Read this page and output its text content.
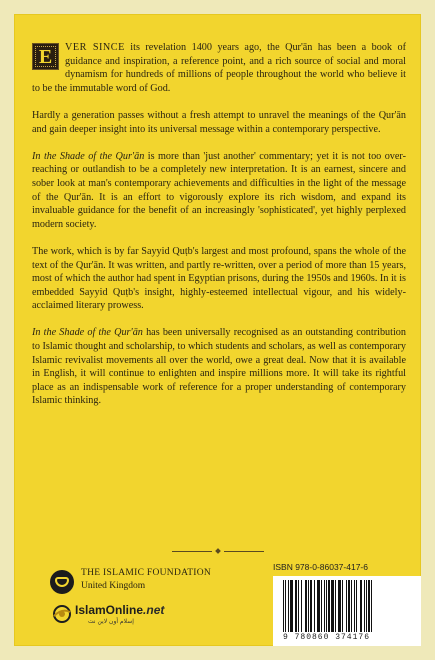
E VER SINCE its revelation 1400 years ago, the Qur'ān has been a book of guidance and inspiration, a reference point, and a rich source of social and moral dynamism for hundreds of millions of people throughout the world who believe it to be the immutable word of God.

Hardly a generation passes without a fresh attempt to unravel the meanings of the Qur'ān and gain deeper insight into its universal message within a contemporary perspective.

In the Shade of the Qur'ān is more than 'just another' commentary; yet it is not too over-reaching or outlandish to be a completely new interpretation. It is an earnest, sincere and sober look at man's contemporary achievements and difficulties in the light of the message of the Qur'ān. It is an effort to vigorously explore its rich wisdom, and expand its invaluable guidance for the benefit of an increasingly 'sophisticated', yet highly perplexed modern society.

The work, which is by far Sayyid Quṭb's largest and most profound, spans the whole of the text of the Qur'ān. It was written, and partly re-written, over a period of more than 15 years, most of which the author had spent in Egyptian prisons, during the 1950s and 1960s. In it is embedded Sayyid Quṭb's insight, highly-esteemed intellectual vigour, and his widely-acclaimed literary prowess.

In the Shade of the Qur'ān has been universally recognised as an outstanding contribution to Islamic thought and scholarship, to which students and scholars, as well as contemporary Islamic revivalist movements all over the world, owe a great deal. Now that it is available in English, it will continue to enlighten and inspire millions more. It will take its rightful place as an indispensable work of reference for a proper understanding of contemporary Islamic thinking.

THE ISLAMIC FOUNDATION
United Kingdom
IslamOnline.net
إسلام أون لاين نت
ISBN 978-0-86037-417-6
9 780860 374176
